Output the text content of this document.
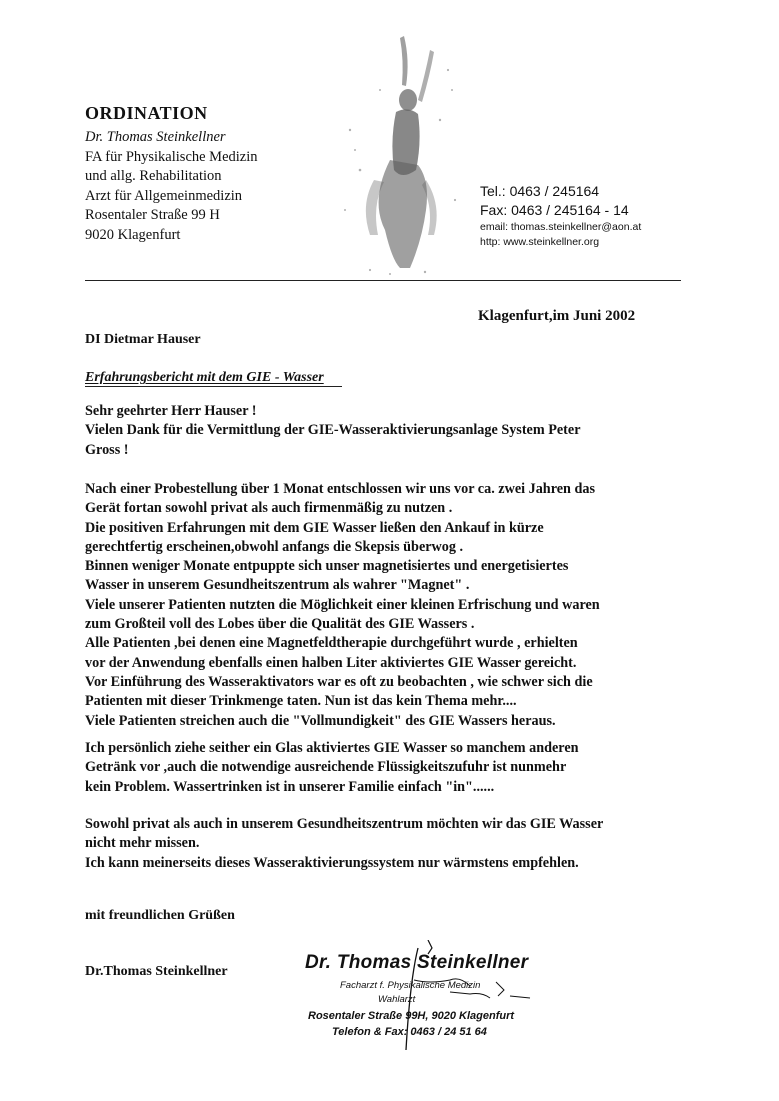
ORDINATION
Dr. Thomas Steinkellner
FA für Physikalische Medizin
und allg. Rehabilitation
Arzt für Allgemeinmedizin
Rosentaler Straße 99 H
9020 Klagenfurt
Tel.: 0463 / 245164
Fax: 0463 / 245164 - 14
email: thomas.steinkellner@aon.at
http: www.steinkellner.org
Klagenfurt,im Juni 2002
DI Dietmar Hauser
Erfahrungsbericht mit dem GIE - Wasser
Sehr geehrter Herr Hauser !
Vielen Dank für die Vermittlung der GIE-Wasseraktivierungsanlage System Peter
Gross !
Nach einer Probestellung über 1 Monat entschlossen wir uns vor ca. zwei Jahren das
Gerät fortan sowohl privat als auch firmenmäßig zu nutzen .
Die positiven Erfahrungen mit dem GIE Wasser ließen den Ankauf in kürze
gerechtfertig erscheinen,obwohl anfangs die Skepsis überwog .
Binnen weniger Monate entpuppte sich unser magnetisiertes und energetisiertes
Wasser in unserem Gesundheitszentrum als wahrer "Magnet" .
Viele unserer Patienten nutzten die Möglichkeit einer kleinen Erfrischung und waren
zum Großteil voll des Lobes über die Qualität des GIE Wassers .
Alle Patienten ,bei denen eine Magnetfeldtherapie durchgeführt wurde , erhielten
vor der Anwendung ebenfalls einen halben Liter aktiviertes GIE Wasser gereicht.
Vor Einführung des Wasseraktivators war es oft zu beobachten , wie schwer sich die
Patienten mit dieser Trinkmenge taten. Nun ist das kein Thema mehr....
Viele Patienten streichen auch die "Vollmundigkeit" des GIE Wassers heraus.
Ich persönlich ziehe seither ein Glas aktiviertes GIE Wasser so manchem anderen
Getränk vor ,auch die notwendige ausreichende Flüssigkeitszufuhr ist nunmehr
kein Problem. Wassertrinken ist in unserer Familie einfach "in"......
Sowohl privat als auch in unserem Gesundheitszentrum möchten wir das GIE Wasser
nicht mehr missen.
Ich kann meinerseits dieses Wasseraktivierungssystem nur wärmstens empfehlen.
mit freundlichen Grüßen
Dr.Thomas Steinkellner	Dr. Thomas Steinkellner
Facharzt f. Physikalische Medizin
Wahlarzt
Rosentaler Straße 99H, 9020 Klagenfurt
Telefon & Fax: 0463 / 24 51 64
